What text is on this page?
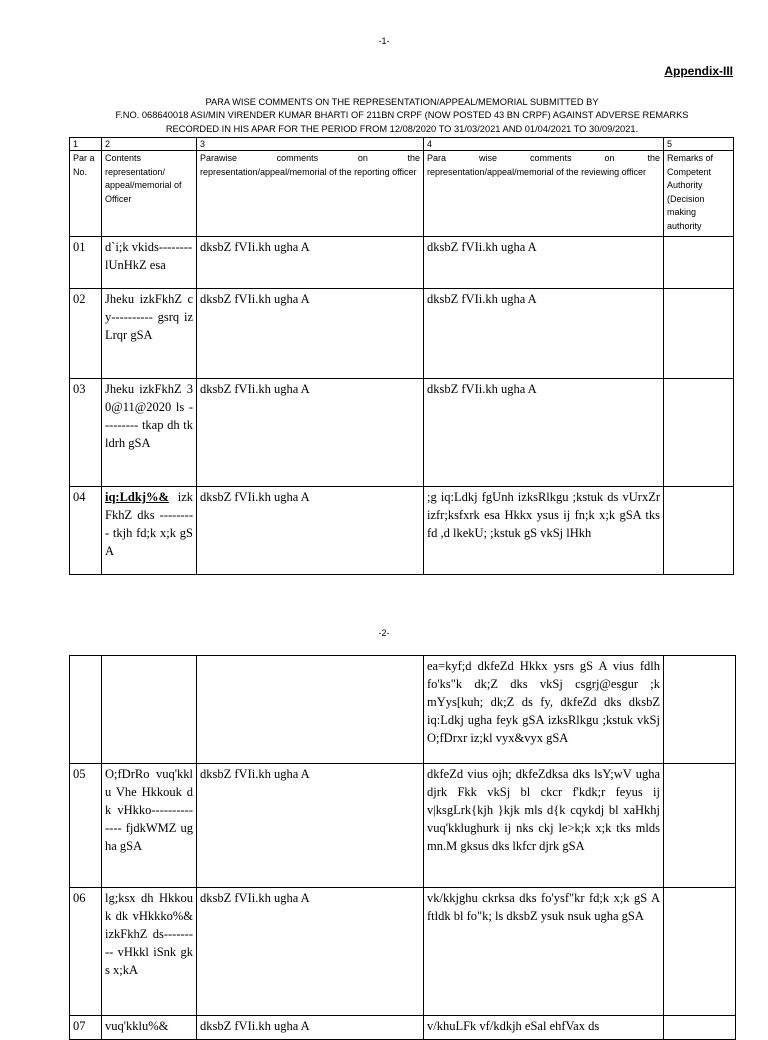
-1-
Appendix-III
PARA WISE COMMENTS ON THE REPRESENTATION/APPEAL/MEMORIAL SUBMITTED BY
F.NO. 068640018 ASI/MIN VIRENDER KUMAR BHARTI OF 211BN CRPF (NOW POSTED 43 BN CRPF) AGAINST ADVERSE REMARKS
RECORDED IN HIS APAR FOR THE PERIOD FROM 12/08/2020 TO 31/03/2021 AND 01/04/2021 TO 30/09/2021.
1	2	3	4	5
Par a No.	Contents representation/ appeal/memorial of Officer	Parawise comments on the representation/appeal/memorial of the reporting officer	Para wise comments on the representation/appeal/memorial of the reviewing officer	Remarks of Competent Authority (Decision making authority
01	d`i;k vkids-------- lUnHkZ esa	dksbZ fVIi.kh ugha A	dksbZ fVIi.kh ugha A	
02	Jheku izkFkhZ cy---------- gsrq izLrqr gSA	dksbZ fVIi.kh ugha A	dksbZ fVIi.kh ugha A	
03	Jheku izkFkhZ 30@11@2020 ls --------- tkap dh tk ldrh gSA	dksbZ fVIi.kh ugha A	dksbZ fVIi.kh ugha A	
04	iq:Ldkj%& izkFkhZ dks --------- tkjh fd;k x;k gSA	dksbZ fVIi.kh ugha A	;g iq:Ldkj fgUnh izksRlkgu ;kstuk ds vUrxZr izfr;ksfxrk esa Hkkx ysus ij fn;k x;k gSA tks fd ,d lkekU; ;kstuk gS vkSj lHkh	

-2-
			ea=kyf;d dkfeZd Hkkx ysrs gS A vius fdlh fo'ks"k dk;Z dks vkSj csgrj@esgur ;k mYys[kuh; dk;Z ds fy, dkfeZd dks dksbZ iq:Ldkj ugha feyk gSA izksRlkgu ;kstuk vkSj O;fDrxr iz;kl vyx&vyx gSA	
05	O;fDrRo vuq'kklu Vhe Hkkouk dk vHkko-------------- fjdkWMZ ugha gSA	dksbZ fVIi.kh ugha A	dkfeZd vius ojh; dkfeZdksa dks lsY;wV ugha djrk Fkk vkSj bl ckcr f'kdk;r feyus ij v|ksgLrk{kjh }kjk mls d{k cqykdj bl xaHkhj vuq'kklughurk ij nks ckj le>k;k x;k tks mlds mn.M gksus dks lkfcr djrk gSA	
06	lg;ksx dh Hkkouk dk vHkkko%& izkFkhZ ds--------- vHkkl iSnk gks x;kA	dksbZ fVIi.kh ugha A	vk/kkjghu ckrksa dks fo'ysf"kr fd;k x;k gS A ftldk bl fo"k; ls dksbZ ysuk nsuk ugha gSA	
07	vuq'kklu%&	dksbZ fVIi.kh ugha A	v/khuLFk vf/kdkjh eSal ehfVax ds	
